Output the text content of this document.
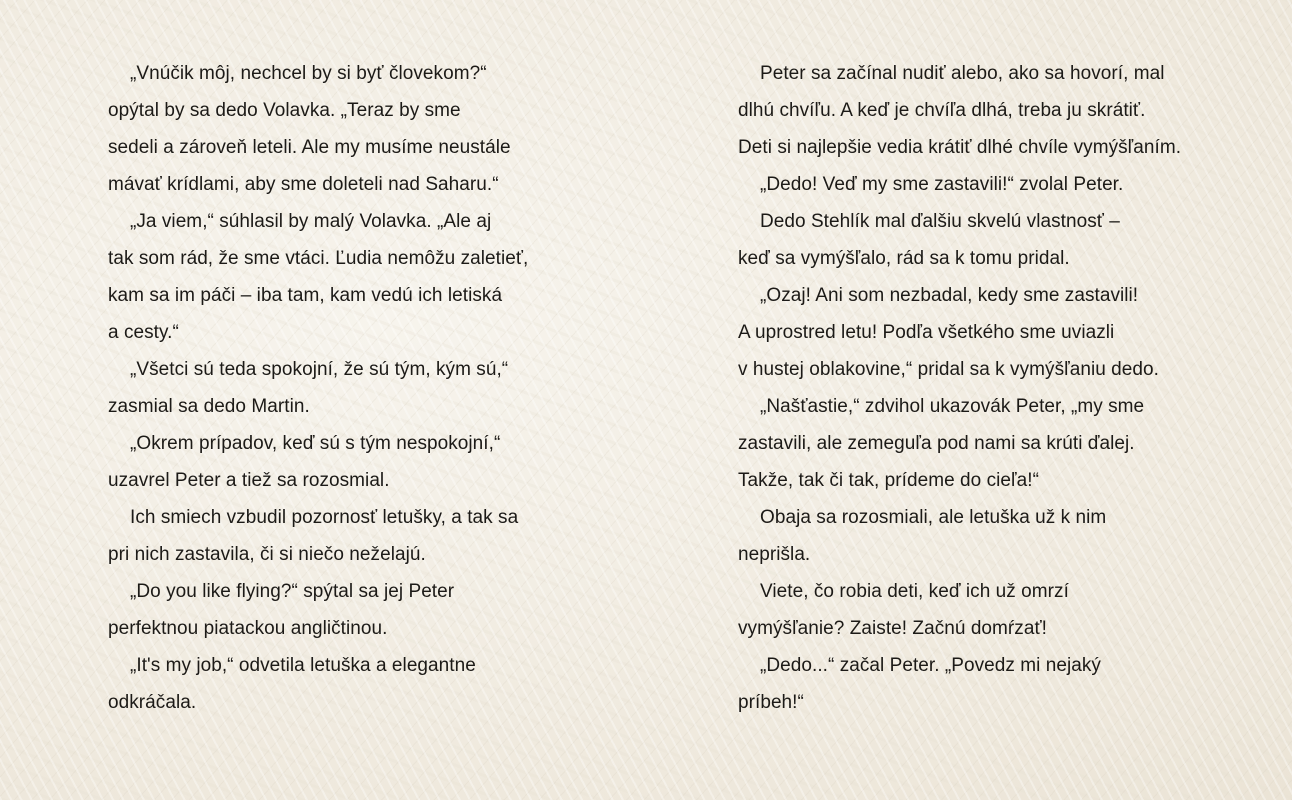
„Vnúčik môj, nechcel by si byť človekom?“
opýtal by sa dedo Volavka. „Teraz by sme
sedeli a zároveň leteli. Ale my musíme neustále
mávať krídlami, aby sme doleteli nad Saharu.“
„Ja viem,“ súhlasil by malý Volavka. „Ale aj
tak som rád, že sme vtáci. Ľudia nemôžu zaletieť,
kam sa im páči – iba tam, kam vedú ich letiská
a cesty.“
„Všetci sú teda spokojní, že sú tým, kým sú,“
zasmial sa dedo Martin.
„Okrem prípadov, keď sú s tým nespokojní,“
uzavrel Peter a tiež sa rozosmial.
Ich smiech vzbudil pozornosť letušky, a tak sa
pri nich zastavila, či si niečo neželajú.
„Do you like flying?“ spýtal sa jej Peter
perfektnou piatackou angličtinou.
„It's my job,“ odvetila letuška a elegantne
odkráčala.
Peter sa začínal nudiť alebo, ako sa hovorí, mal
dlhú chvíľu. A keď je chvíľa dlhá, treba ju skrátiť.
Deti si najlepšie vedia krátiť dlhé chvíle vymýšľaním.
„Dedo! Veď my sme zastavili!“ zvolal Peter.
Dedo Stehlík mal ďalšiu skvelú vlastnosť –
keď sa vymýšľalo, rád sa k tomu pridal.
„Ozaj! Ani som nezbadal, kedy sme zastavili!
A uprostred letu! Podľa všetkého sme uviazli
v hustej oblakovine,“ pridal sa k vymýšľaniu dedo.
„Našťastie,“ zdvihol ukazovák Peter, „my sme
zastavili, ale zemeguľa pod nami sa krúti ďalej.
Takže, tak či tak, prídeme do cieľa!“
Obaja sa rozosmiali, ale letuška už k nim
neprišla.
Viete, čo robia deti, keď ich už omrzí
vymýšľanie? Zaiste! Začnú domŕzať!
„Dedo...“ začal Peter. „Povedz mi nejaký
príbeh!“
